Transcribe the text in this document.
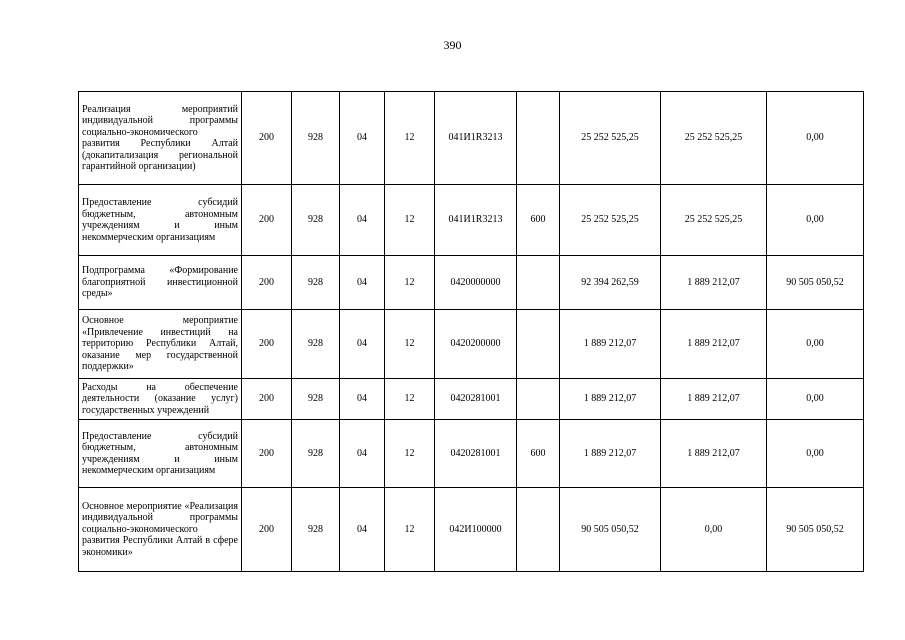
390
Реализация мероприятий индивидуальной программы социально-экономического развития Республики Алтай (докапитализация региональной гарантийной организации)	200	928	04	12	041И1R3213		25 252 525,25	25 252 525,25	0,00
Предоставление субсидий бюджетным, автономным учреждениям и иным некоммерческим организациям	200	928	04	12	041И1R3213	600	25 252 525,25	25 252 525,25	0,00
Подпрограмма «Формирование благоприятной инвестиционной среды»	200	928	04	12	0420000000		92 394 262,59	1 889 212,07	90 505 050,52
Основное мероприятие «Привлечение инвестиций на территорию Республики Алтай, оказание мер государственной поддержки»	200	928	04	12	0420200000		1 889 212,07	1 889 212,07	0,00
Расходы на обеспечение деятельности (оказание услуг) государственных учреждений	200	928	04	12	0420281001		1 889 212,07	1 889 212,07	0,00
Предоставление субсидий бюджетным, автономным учреждениям и иным некоммерческим организациям	200	928	04	12	0420281001	600	1 889 212,07	1 889 212,07	0,00
Основное мероприятие «Реализация индивидуальной программы социально-экономического развития Республики Алтай в сфере экономики»	200	928	04	12	042И100000		90 505 050,52	0,00	90 505 050,52
